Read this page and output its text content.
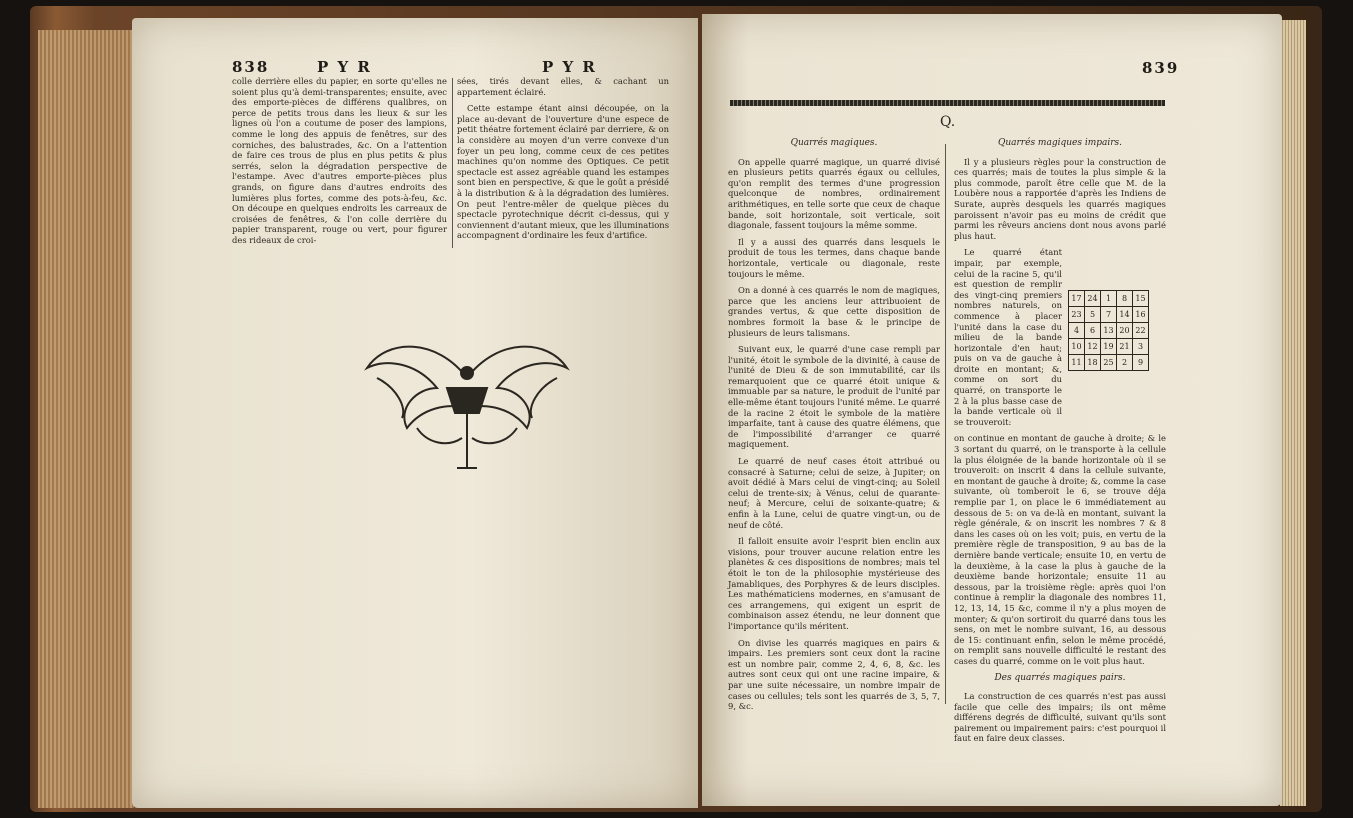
838	P Y R	P Y R

colle derrière elles du papier, en sorte qu'elles ne soient plus qu'à demi-transparentes; ensuite, avec des emporte-pièces de différens qualibres, on perce de petits trous dans les lieux & sur les lignes où l'on a coutume de poser des lampions, comme le long des appuis de fenêtres, sur des corniches, des balustrades, &c. On a l'attention de faire ces trous de plus en plus petits & plus serrés, selon la dégradation perspective de l'estampe. Avec d'autres emporte-pièces plus grands, on figure dans d'autres endroits des lumières plus fortes, comme des pots-à-feu, &c. On découpe en quelques endroits les carreaux de croisées de fenêtres, & l'on colle derrière du papier transparent, rouge ou vert, pour figurer des rideaux de croi-

sées, tirés devant elles, & cachant un appartement éclairé.

Cette estampe étant ainsi découpée, on la place au-devant de l'ouverture d'une espece de petit théatre fortement éclairé par derriere, & on la considère au moyen d'un verre convexe d'un foyer un peu long, comme ceux de ces petites machines qu'on nomme des Optiques. Ce petit spectacle est assez agréable quand les estampes sont bien en perspective, & que le goût a présidé à la distribution & à la dégradation des lumières. On peut l'entre-mêler de quelque pièces du spectacle pyrotechnique décrit ci-dessus, qui y conviennent d'autant mieux, que les illuminations accompagnent d'ordinaire les feux d'artifice.

839
Q.
Quarrés magiques.

On appelle quarré magique, un quarré divisé en plusieurs petits quarrés égaux ou cellules, qu'on remplit des termes d'une progression quelconque de nombres, ordinairement arithmétiques, en telle sorte que ceux de chaque bande, soit horizontale, soit verticale, soit diagonale, fassent toujours la même somme.

Il y a aussi des quarrés dans lesquels le produit de tous les termes, dans chaque bande horizontale, verticale ou diagonale, reste toujours le même.

On a donné à ces quarrés le nom de magiques, parce que les anciens leur attribuoient de grandes vertus, & que cette disposition de nombres formoit la base & le principe de plusieurs de leurs talismans.

Suivant eux, le quarré d'une case rempli par l'unité, étoit le symbole de la divinité, à cause de l'unité de Dieu & de son immutabilité, car ils remarquoient que ce quarré étoit unique & immuable par sa nature, le produit de l'unité par elle-même étant toujours l'unité même. Le quarré de la racine 2 étoit le symbole de la matière imparfaite, tant à cause des quatre élémens, que de l'impossibilité d'arranger ce quarré magiquement.

Le quarré de neuf cases étoit attribué ou consacré à Saturne; celui de seize, à Jupiter; on avoit dédié à Mars celui de vingt-cinq; au Soleil celui de trente-six; à Vénus, celui de quarante-neuf; à Mercure, celui de soixante-quatre; & enfin à la Lune, celui de quatre vingt-un, ou de neuf de côté.

Il falloit ensuite avoir l'esprit bien enclin aux visions, pour trouver aucune relation entre les planètes & ces dispositions de nombres; mais tel étoit le ton de la philosophie mystérieuse des Jamabliques, des Porphyres & de leurs disciples. Les mathématiciens modernes, en s'amusant de ces arrangemens, qui exigent un esprit de combinaison assez étendu, ne leur donnent que l'importance qu'ils méritent.

On divise les quarrés magiques en pairs & impairs. Les premiers sont ceux dont la racine est un nombre pair, comme 2, 4, 6, 8, &c. les autres sont ceux qui ont une racine impaire, & par une suite nécessaire, un nombre impair de cases ou cellules; tels sont les quarrés de 3, 5, 7, 9, &c.

Quarrés magiques impairs.

Il y a plusieurs règles pour la construction de ces quarrés; mais de toutes la plus simple & la plus commode, paroît être celle que M. de la Loubère nous a rapportée d'après les Indiens de Surate, auprès desquels les quarrés magiques paroissent n'avoir pas eu moins de crédit que parmi les rêveurs anciens dont nous avons parlé plus haut.

Le quarré étant impair, par exemple, celui de la racine 5, qu'il est question de remplir des vingt-cinq premiers nombres naturels, on commence à placer l'unité dans la case du milieu de la bande horizontale d'en haut; puis on va de gauche à droite en montant; &, comme on sort du quarré, on transporte le 2 à la plus basse case de la bande verticale où il se trouveroit:

on continue en montant de gauche à droite; & le 3 sortant du quarré, on le transporte à la cellule la plus éloignée de la bande horizontale où il se trouveroit: on inscrit 4 dans la cellule suivante, en montant de gauche à droite; &, comme la case suivante, où tomberoit le 6, se trouve déja remplie par 1, on place le 6 immédiatement au dessous de 5: on va de-là en montant, suivant la règle générale, & on inscrit les nombres 7 & 8 dans les cases où on les voit; puis, en vertu de la première règle de transposition, 9 au bas de la dernière bande verticale; ensuite 10, en vertu de la deuxième, à la case la plus à gauche de la deuxième bande horizontale; ensuite 11 au dessous, par la troisième règle: après quoi l'on continue à remplir la diagonale des nombres 11, 12, 13, 14, 15 &c, comme il n'y a plus moyen de monter; & qu'on sortiroit du quarré dans tous les sens, on met le nombre suivant, 16, au dessous de 15: continuant enfin, selon le même procédé, on remplit sans nouvelle difficulté le restant des cases du quarré, comme on le voit plus haut.

Des quarrés magiques pairs.

La construction de ces quarrés n'est pas aussi facile que celle des impairs; ils ont même différens degrés de difficulté, suivant qu'ils sont pairement ou impairement pairs: c'est pourquoi il faut en faire deux classes.

17	24	1	8	15
23	5	7	14	16
4	6	13	20	22
10	12	19	21	3
11	18	25	2	9
